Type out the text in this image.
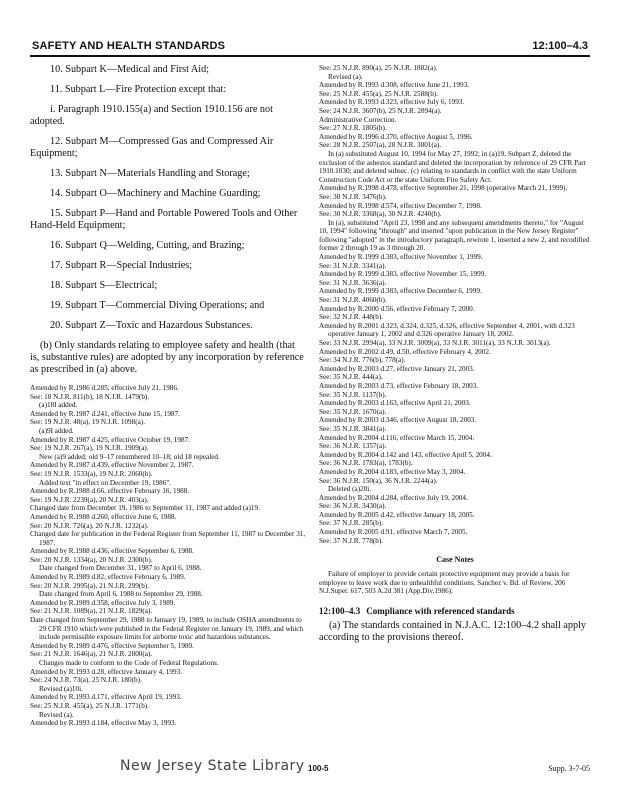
SAFETY AND HEALTH STANDARDS	12:100–4.3

10. Subpart K—Medical and First Aid;

11. Subpart L—Fire Protection except that:

i. Paragraph 1910.155(a) and Section 1910.156 are not adopted.

12. Subpart M—Compressed Gas and Compressed Air Equipment;

13. Subpart N—Materials Handling and Storage;

14. Subpart O—Machinery and Machine Guarding;

15. Subpart P—Hand and Portable Powered Tools and Other Hand-Held Equipment;

16. Subpart Q—Welding, Cutting, and Brazing;

17. Subpart R—Special Industries;

18. Subpart S—Electrical;

19. Subpart T—Commercial Diving Operations; and

20. Subpart Z—Toxic and Hazardous Substances.

(b) Only standards relating to employee safety and health (that is, substantive rules) are adopted by any incorporation by reference as prescribed in (a) above.

Amended by R.1986 d.285, effective July 21, 1986.
See: 18 N.J.R. 811(b), 18 N.J.R. 1479(b).
(a)18I added.
Amended by R.1987 d.241, effective June 15, 1987.
See: 19 N.J.R. 48(a), 19 N.J.R. 1098(a).
(a)9I added.
Amended by R.1987 d.425, effective October 19, 1987.
See: 19 N.J.R. 267(a), 19 N.J.R. 1909(a).
New (a)9 added; old 9–17 renumbered 10–18; old 18 repealed.
Amended by R.1987 d.439, effective November 2, 1987.
See: 19 N.J.R. 1533(a), 19 N.J.R. 2060(b).
Added text "in effect on December 19, 1986".
Amended by R.1988 d.66, effective February 16, 1988.
See: 19 N.J.R. 2239(a), 20 N.J.R. 403(a).
Changed date from December 19, 1986 to September 11, 1987 and added (a)19.
Amended by R.1988 d.260, effective June 6, 1988.
See: 20 N.J.R. 726(a), 20 N.J.R. 1232(a).
Changed date for publication in the Federal Register from September 11, 1987 to December 31, 1987.
Amended by R.1988 d.436, effective September 6, 1988.
See: 20 N.J.R. 1334(a), 20 N.J.R. 2300(b).
Date changed from December 31, 1987 to April 6, 1988.
Amended by R.1989 d.82, effective February 6, 1989.
See: 20 N.J.R. 2995(a), 21 N.J.R. 299(b).
Date changed from April 6, 1988 to September 29, 1988.
Amended by R.1989 d.358, effective July 3, 1989.
See: 21 N.J.R. 1089(a), 21 N.J.R. 1829(a).
Date changed from September 29, 1988 to January 19, 1989, to include OSHA amendments to 29 CFR 1910 which were published in the Federal Register on January 19, 1989, and which include permissible exposure limits for airborne toxic and hazardous substances.
Amended by R.1989 d.476, effective September 5, 1989.
See: 21 N.J.R. 1646(a), 21 N.J.R. 2800(a).
Changes made to conform to the Code of Federal Regulations.
Amended by R.1993 d.28, effective January 4, 1993.
See: 24 N.J.R. 73(a), 25 N.J.R. 180(b).
Revised (a)10i.
Amended by R.1993 d.171, effective April 19, 1993.
See: 25 N.J.R. 455(a), 25 N.J.R. 1771(b).
Revised (a).
Amended by R.1993 d.184, effective May 3, 1993.
See: 25 N.J.R. 890(a), 25 N.J.R. 1882(a).
Revised (a).
Amended by R.1993 d.308, effective June 21, 1993.
See: 25 N.J.R. 455(a), 25 N.J.R. 2588(b).
Amended by R.1993 d.323, effective July 6, 1993.
See: 24 N.J.R. 3607(b), 25 N.J.R. 2894(a).
Administrative Correction.
See: 27 N.J.R. 1805(b).
Amended by R.1996 d.370, effective August 5, 1996.
See: 28 N.J.R. 2507(a), 28 N.J.R. 3801(a).
In (a) substituted August 10, 1994 for May 27, 1992; in (a)19, Subpart Z, deleted the exclusion of the asbestos standard and deleted the incorporation by reference of 29 CFR Part 1910.1030; and deleted subsec. (c) relating to standards in conflict with the state Uniform Construction Code Act or the state Uniform Fire Safety Act.
Amended by R.1998 d.478, effective September 21, 1998 (operative March 21, 1999).
See: 30 N.J.R. 3476(b).
Amended by R.1998 d.574, effective December 7, 1998.
See: 30 N.J.R. 3368(a), 30 N.J.R. 4240(b).
In (a), substituted "April 23, 1998 and any subsequent amendments thereto," for "August 10, 1994" following "through" and inserted "upon publication in the New Jersey Register" following "adopted" in the introductory paragraph, rewrote 1, inserted a new 2, and recodified former 2 through 19 as 3 through 20.
Amended by R.1999 d.383, effective November 1, 1999.
See: 31 N.J.R. 3341(a).
Amended by R.1999 d.383, effective November 15, 1999.
See: 31 N.J.R. 3636(a).
Amended by R.1999 d.383, effective December 6, 1999.
See: 31 N.J.R. 4060(b).
Amended by R.2000 d.56, effective February 7, 2000.
See: 32 N.J.R. 448(b).
Amended by R.2001 d.323, d.324, d.325, d.326, effective September 4, 2001, with d.323 operative January 1, 2002 and d.326 operative January 18, 2002.
See: 33 N.J.R. 2994(a), 33 N.J.R. 3009(a), 33 N.J.R. 3011(a), 33 N.J.R. 3013(a).
Amended by R.2002 d.49, d.50, effective February 4, 2002.
See: 34 N.J.R. 776(b), 778(a).
Amended by R.2003 d.27, effective January 21, 2003.
See: 35 N.J.R. 444(a).
Amended by R.2003 d.73, effective February 18, 2003.
See: 35 N.J.R. 1137(b).
Amended by R.2003 d.163, effective April 21, 2003.
See: 35 N.J.R. 1670(a).
Amended by R.2003 d.346, effective August 18, 2003.
See: 35 N.J.R. 3841(a).
Amended by R.2004 d.116, effective March 15, 2004.
See: 36 N.J.R. 1357(a).
Amended by R.2004 d.142 and 143, effective April 5, 2004.
See: 36 N.J.R. 1783(a), 1783(b).
Amended by R.2004 d.183, effective May 3, 2004.
See: 36 N.J.R. 150(a), 36 N.J.R. 2244(a).
Deleted (a)20i.
Amended by R.2004 d.284, effective July 19, 2004.
See: 36 N.J.R. 3430(a).
Amended by R.2005 d.42, effective January 18, 2005.
See: 37 N.J.R. 285(b).
Amended by R.2005 d.91, effective March 7, 2005.
See: 37 N.J.R. 778(b).
Case Notes
Failure of employer to provide certain protective equipment may provide a basis for employee to leave work due to unhealthful conditions. Sanchez v. Bd. of Review, 206 N.J.Super. 617, 503 A.2d 381 (App.Div.1986).
12:100–4.3 Compliance with referenced standards

(a) The standards contained in N.J.A.C. 12:100–4.2 shall apply according to the provisions thereof.

New Jersey State Library 100-5	Supp. 3-7-05
